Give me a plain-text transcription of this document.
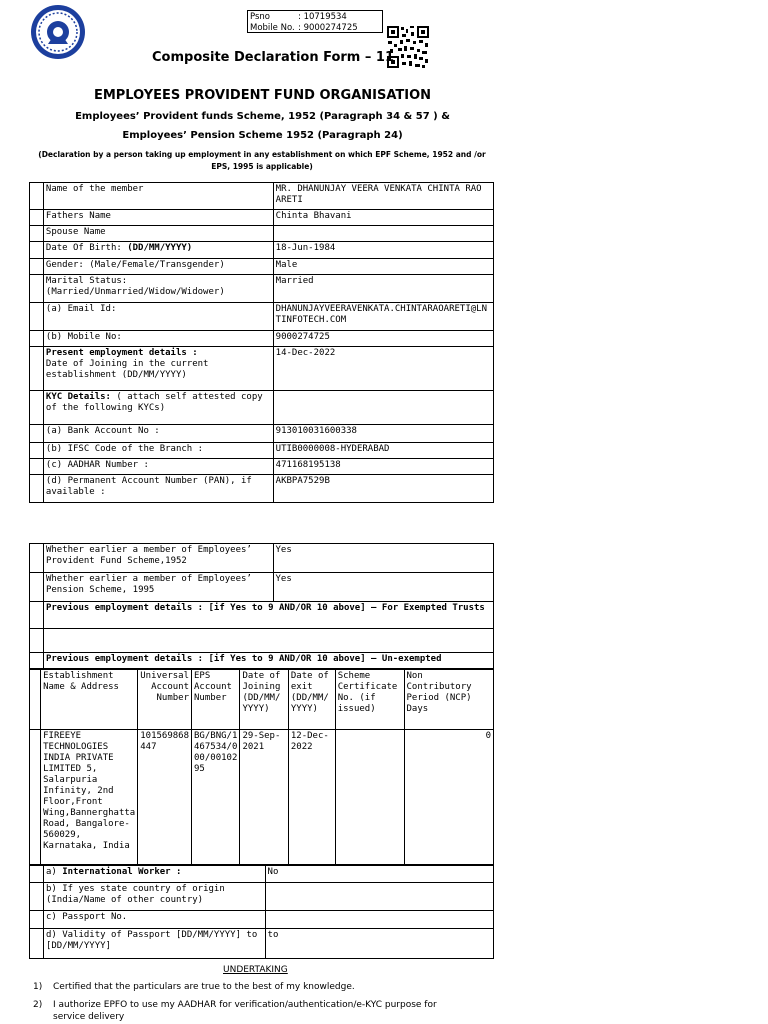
Psno	: 10719534
Mobile No. : 9000274725
Composite Declaration Form – 11
EMPLOYEES PROVIDENT FUND ORGANISATION
Employees’ Provident funds Scheme, 1952 (Paragraph 34 & 57 ) &
Employees’ Pension Scheme 1952 (Paragraph 24)
(Declaration by a person taking up employment in any establishment on which EPF Scheme, 1952 and /or EPS, 1995 is applicable)
	Name of the member	MR. DHANUNJAY VEERA VENKATA CHINTA RAO ARETI
	Fathers Name	Chinta Bhavani
	Spouse Name	
	Date Of Birth: (DD/MM/YYYY)	18-Jun-1984
	Gender: (Male/Female/Transgender)	Male
	Marital Status: (Married/Unmarried/Widow/Widower)	Married
	(a) Email Id:	DHANUNJAYVEERAVENKATA.CHINTARAOARETI@LNTINFOTECH.COM
	(b) Mobile No:	9000274725
	Present employment details :
Date of Joining in the current establishment (DD/MM/YYYY)	14-Dec-2022
	KYC Details: ( attach self attested copy of the following KYCs)	
	(a) Bank Account No :	913010031600338
	(b) IFSC Code of the Branch :	UTIB0000008-HYDERABAD
	(c) AADHAR Number :	471168195138
	(d) Permanent Account Number (PAN), if available :	AKBPA7529B
	Whether earlier a member of Employees’ Provident Fund Scheme,1952	Yes
	Whether earlier a member of Employees’ Pension Scheme, 1995	Yes
	Previous employment details : [if Yes to 9 AND/OR 10 above] – For Exempted Trusts	

	Previous employment details : [if Yes to 9 AND/OR 10 above] – Un-exempted	
	Establishment Name & Address	Universal Account Number	EPS Account Number	Date of Joining (DD/MM/ YYYY)	Date of exit (DD/MM/ YYYY)	Scheme Certificate No. (if issued)	Non Contributory Period (NCP) Days
	FIREEYE TECHNOLOGIES INDIA PRIVATE LIMITED 5, Salarpuria Infinity, 2nd Floor,Front Wing,Bannerghatta Road, Bangalore-560029, Karnataka, India	101569868447	BG/BNG/1467534/000/0010295	29-Sep-2021	12-Dec-2022		0
	a) International Worker :	No
	b) If yes state country of origin (India/Name of other country)	
	c) Passport No.	
	d) Validity of Passport [DD/MM/YYYY] to [DD/MM/YYYY]	to
UNDERTAKING
1) Certified that the particulars are true to the best of my knowledge.
2) I authorize EPFO to use my AADHAR for verification/authentication/e-KYC purpose for
service delivery
